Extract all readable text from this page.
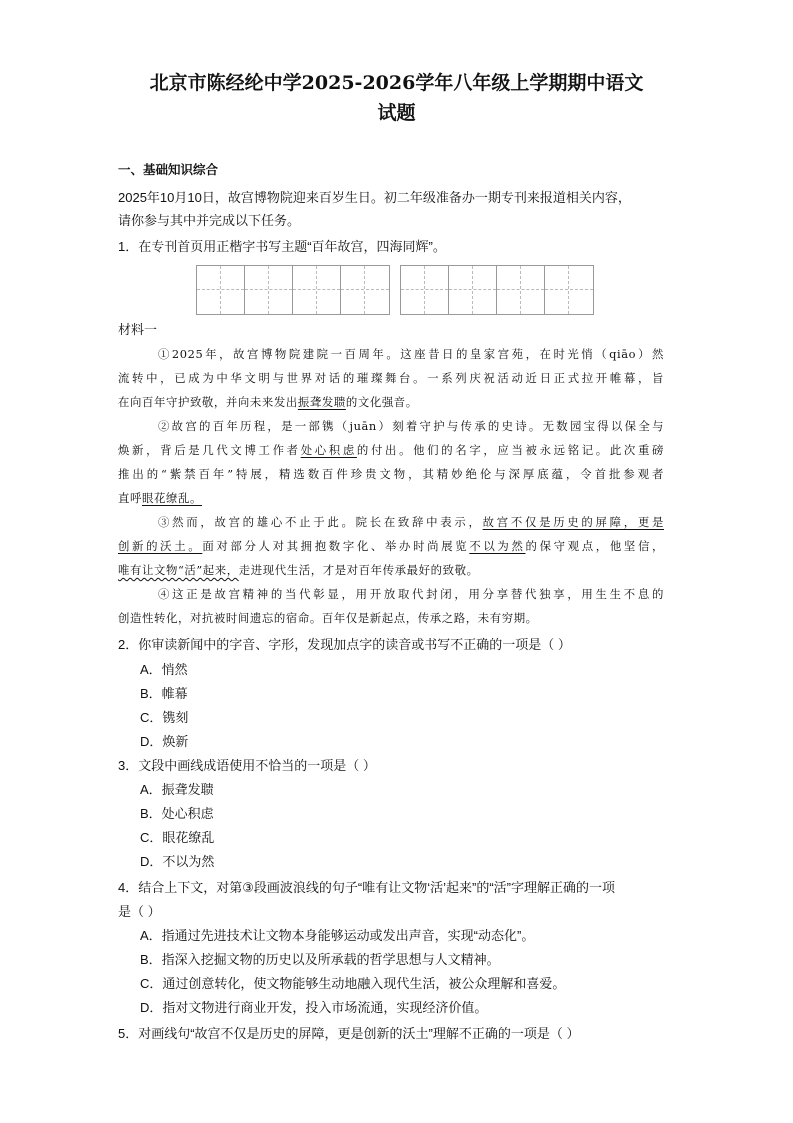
北京市陈经纶中学2025-2026学年八年级上学期期中语文
试题
一、基础知识综合
2025年10月10日，故宫博物院迎来百岁生日。初二年级准备办一期专刊来报道相关内容，
请你参与其中并完成以下任务。
1．在专刊首页用正楷字书写主题“百年故宫，四海同辉”。
材料一
①2025年，故宫博物院建院一百周年。这座昔日的皇家宫苑，在时光悄（qiāo）然
流转中，已成为中华文明与世界对话的璀璨舞台。一系列庆祝活动近日正式拉开帷幕，旨
在向百年守护致敬，并向未来发出振聋发聩的文化强音。
②故宫的百年历程，是一部镌（juān）刻着守护与传承的史诗。无数园宝得以保全与
焕新，背后是几代文博工作者处心积虑的付出。他们的名字，应当被永远铭记。此次重磅
推出的“紫禁百年”特展，精选数百件珍贵文物，其精妙绝伦与深厚底蕴，令首批参观者
直呼眼花缭乱。
③然而，故宫的雄心不止于此。院长在致辞中表示，故宫不仅是历史的屏障，更是
创新的沃土。面对部分人对其拥抱数字化、举办时尚展览不以为然的保守观点，他坚信，
唯有让文物“活”起来，走进现代生活，才是对百年传承最好的致敬。
④这正是故宫精神的当代彰显，用开放取代封闭，用分享替代独享，用生生不息的
创造性转化，对抗被时间遗忘的宿命。百年仅是新起点，传承之路，未有穷期。
2．你审读新闻中的字音、字形，发现加点字的读音或书写不正确的一项是（ ）
A．悄然
B．帷幕
C．镌刻
D．焕新
3．文段中画线成语使用不恰当的一项是（ ）
A．振聋发聩
B．处心积虑
C．眼花缭乱
D．不以为然
4．结合上下文，对第③段画波浪线的句子“唯有让文物‘活’起来”的“活”字理解正确的一项
是（ ）
A．指通过先进技术让文物本身能够运动或发出声音，实现“动态化”。
B．指深入挖掘文物的历史以及所承载的哲学思想与人文精神。
C．通过创意转化，使文物能够生动地融入现代生活，被公众理解和喜爱。
D．指对文物进行商业开发，投入市场流通，实现经济价值。
5．对画线句“故宫不仅是历史的屏障，更是创新的沃土”理解不正确的一项是（ ）
